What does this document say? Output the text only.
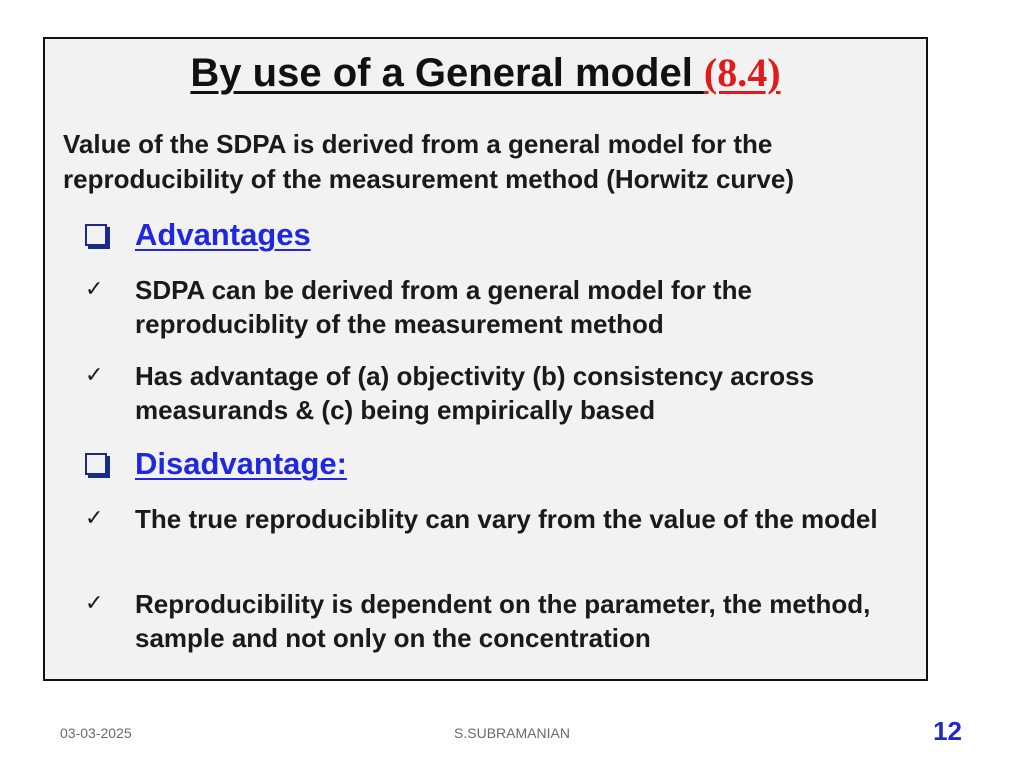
By use of a General model (8.4)
Value of the SDPA is derived from a general model for the reproducibility of the measurement method (Horwitz curve)
Advantages
✓	SDPA can be derived from a general model for the reproduciblity of the measurement method
✓	Has advantage of (a) objectivity (b) consistency across measurands & (c) being empirically based
Disadvantage:
✓	The true reproduciblity can vary from the value of the model
✓	Reproducibility is dependent on the parameter, the method, sample and not only on the concentration
03-03-2025	S.SUBRAMANIAN	12
